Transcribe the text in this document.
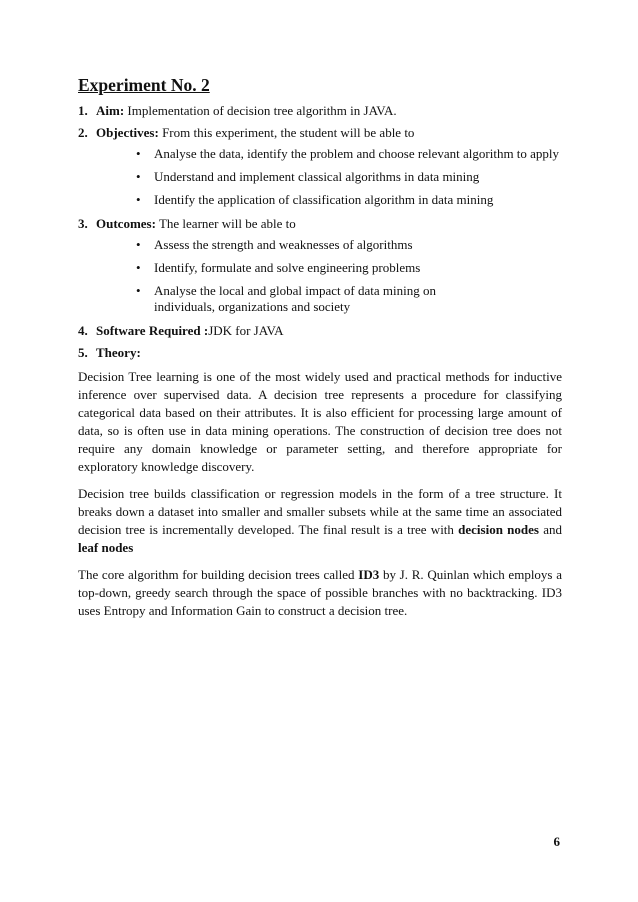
Experiment No. 2
1. Aim: Implementation of decision tree algorithm in JAVA.
2. Objectives: From this experiment, the student will be able to
• Analyse the data, identify the problem and choose relevant algorithm to apply
• Understand and implement classical algorithms in data mining
• Identify the application of classification algorithm in data mining
3. Outcomes: The learner will be able to
• Assess the strength and weaknesses of algorithms
• Identify, formulate and solve engineering problems
• Analyse the local and global impact of data mining on individuals, organizations and society
4. Software Required :JDK for JAVA
5. Theory:

Decision Tree learning is one of the most widely used and practical methods for inductive inference over supervised data. A decision tree represents a procedure for classifying categorical data based on their attributes. It is also efficient for processing large amount of data, so is often use in data mining operations. The construction of decision tree does not require any domain knowledge or parameter setting, and therefore appropriate for exploratory knowledge discovery.

Decision tree builds classification or regression models in the form of a tree structure. It breaks down a dataset into smaller and smaller subsets while at the same time an associated decision tree is incrementally developed. The final result is a tree with decision nodes and leaf nodes

The core algorithm for building decision trees called ID3 by J. R. Quinlan which employs a top-down, greedy search through the space of possible branches with no backtracking. ID3 uses Entropy and Information Gain to construct a decision tree.

6
